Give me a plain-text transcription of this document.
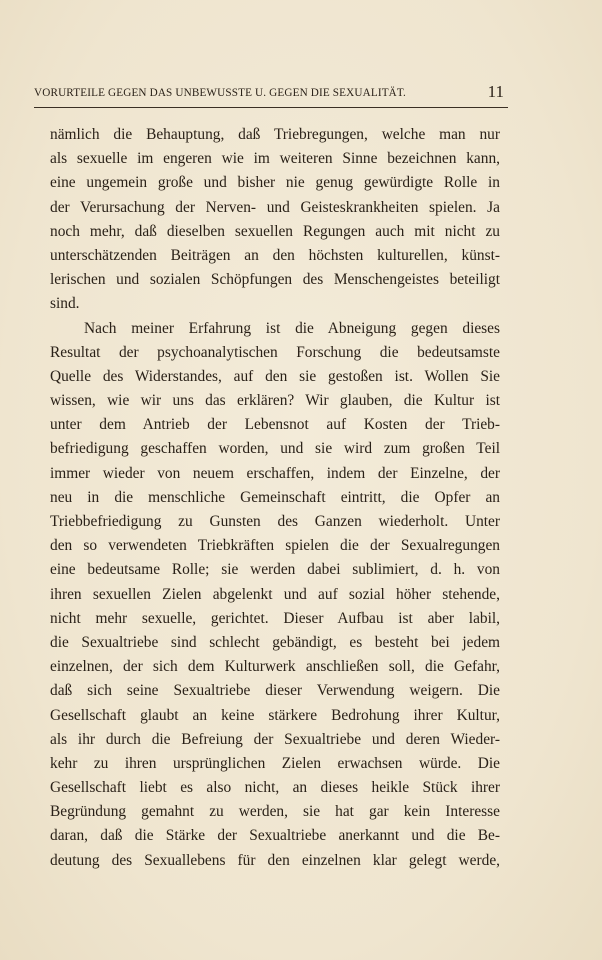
VORURTEILE GEGEN DAS UNBEWUSSTE U. GEGEN DIE SEXUALITÄT.	11
nämlich die Behauptung, daß Triebregungen, welche man nur
als sexuelle im engeren wie im weiteren Sinne bezeichnen kann,
eine ungemein große und bisher nie genug gewürdigte Rolle in
der Verursachung der Nerven- und Geisteskrankheiten spielen. Ja
noch mehr, daß dieselben sexuellen Regungen auch mit nicht zu
unterschätzenden Beiträgen an den höchsten kulturellen, künst-
lerischen und sozialen Schöpfungen des Menschengeistes beteiligt
sind.
Nach meiner Erfahrung ist die Abneigung gegen dieses
Resultat der psychoanalytischen Forschung die bedeutsamste
Quelle des Widerstandes, auf den sie gestoßen ist. Wollen Sie
wissen, wie wir uns das erklären? Wir glauben, die Kultur ist
unter dem Antrieb der Lebensnot auf Kosten der Trieb-
befriedigung geschaffen worden, und sie wird zum großen Teil
immer wieder von neuem erschaffen, indem der Einzelne, der
neu in die menschliche Gemeinschaft eintritt, die Opfer an
Triebbefriedigung zu Gunsten des Ganzen wiederholt. Unter
den so verwendeten Triebkräften spielen die der Sexualregungen
eine bedeutsame Rolle; sie werden dabei sublimiert, d. h. von
ihren sexuellen Zielen abgelenkt und auf sozial höher stehende,
nicht mehr sexuelle, gerichtet. Dieser Aufbau ist aber labil,
die Sexualtriebe sind schlecht gebändigt, es besteht bei jedem
einzelnen, der sich dem Kulturwerk anschließen soll, die Gefahr,
daß sich seine Sexualtriebe dieser Verwendung weigern. Die
Gesellschaft glaubt an keine stärkere Bedrohung ihrer Kultur,
als ihr durch die Befreiung der Sexualtriebe und deren Wieder-
kehr zu ihren ursprünglichen Zielen erwachsen würde. Die
Gesellschaft liebt es also nicht, an dieses heikle Stück ihrer
Begründung gemahnt zu werden, sie hat gar kein Interesse
daran, daß die Stärke der Sexualtriebe anerkannt und die Be-
deutung des Sexuallebens für den einzelnen klar gelegt werde,
